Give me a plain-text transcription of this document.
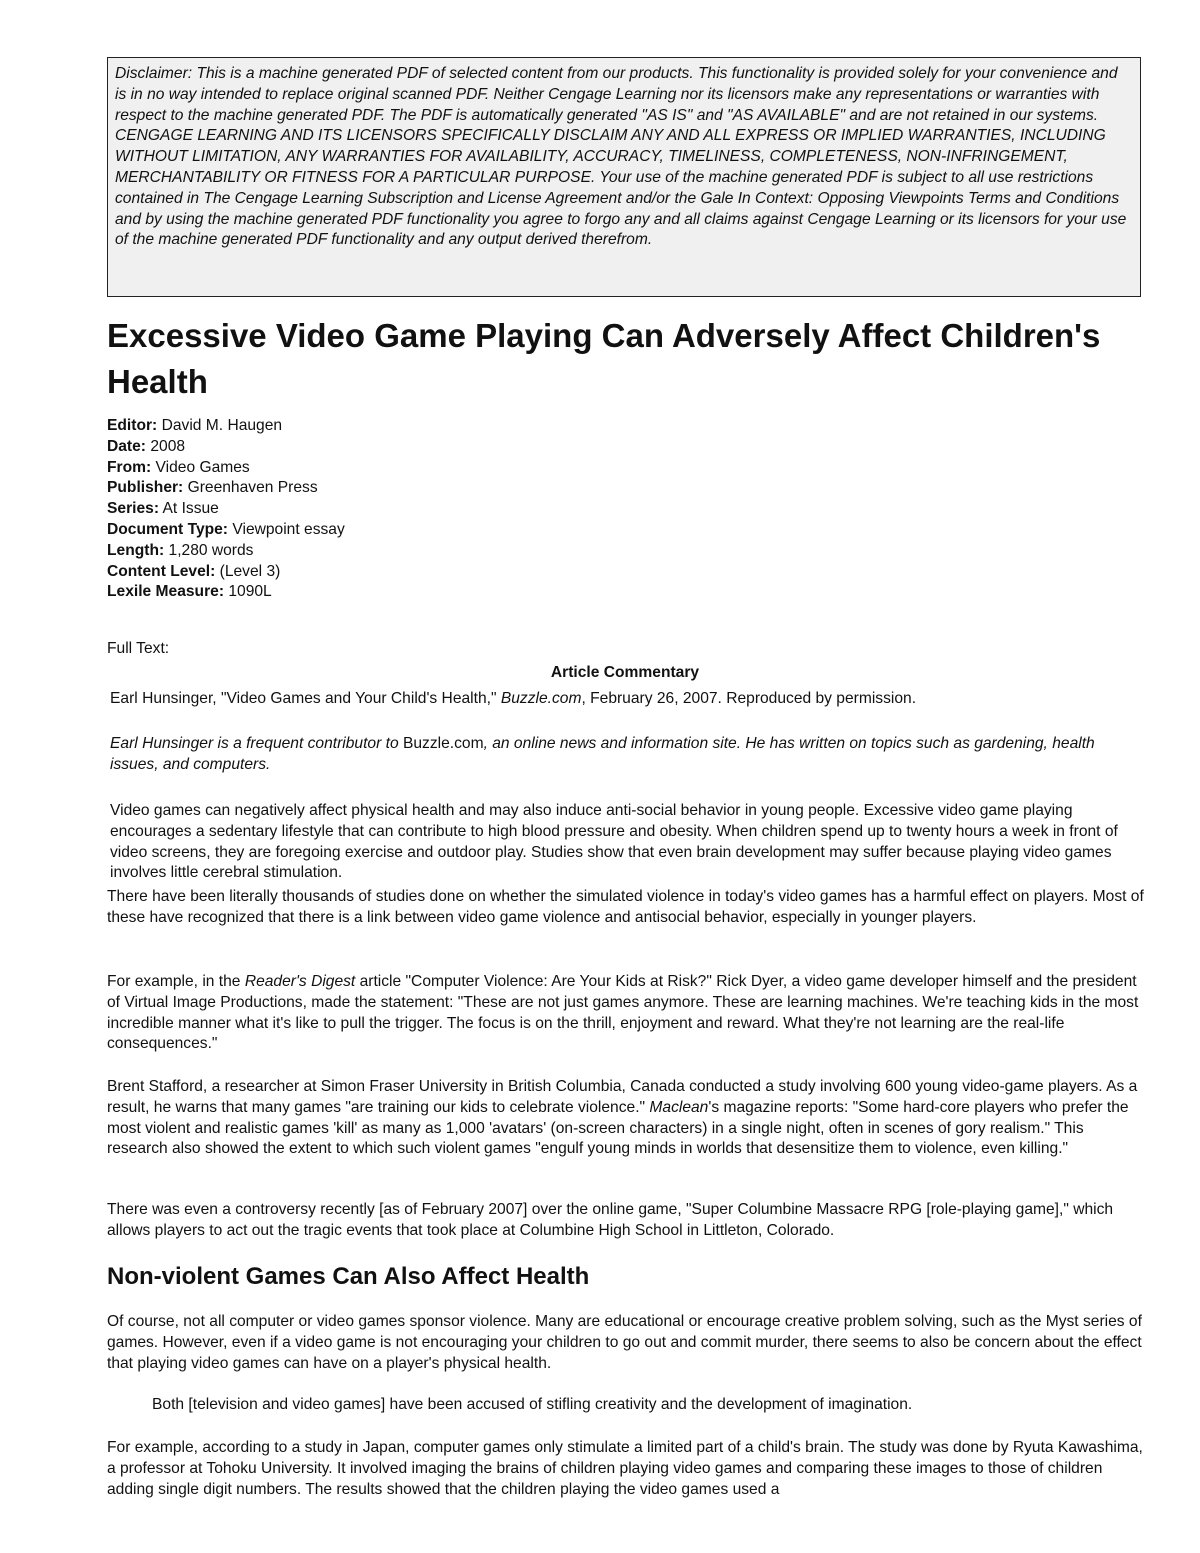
Disclaimer: This is a machine generated PDF of selected content from our products. This functionality is provided solely for your convenience and is in no way intended to replace original scanned PDF. Neither Cengage Learning nor its licensors make any representations or warranties with respect to the machine generated PDF. The PDF is automatically generated "AS IS" and "AS AVAILABLE" and are not retained in our systems. CENGAGE LEARNING AND ITS LICENSORS SPECIFICALLY DISCLAIM ANY AND ALL EXPRESS OR IMPLIED WARRANTIES, INCLUDING WITHOUT LIMITATION, ANY WARRANTIES FOR AVAILABILITY, ACCURACY, TIMELINESS, COMPLETENESS, NON-INFRINGEMENT, MERCHANTABILITY OR FITNESS FOR A PARTICULAR PURPOSE. Your use of the machine generated PDF is subject to all use restrictions contained in The Cengage Learning Subscription and License Agreement and/or the Gale In Context: Opposing Viewpoints Terms and Conditions and by using the machine generated PDF functionality you agree to forgo any and all claims against Cengage Learning or its licensors for your use of the machine generated PDF functionality and any output derived therefrom.
Excessive Video Game Playing Can Adversely Affect Children's Health
Editor: David M. Haugen
Date: 2008
From: Video Games
Publisher: Greenhaven Press
Series: At Issue
Document Type: Viewpoint essay
Length: 1,280 words
Content Level: (Level 3)
Lexile Measure: 1090L
Full Text:
Article Commentary
Earl Hunsinger, "Video Games and Your Child's Health," Buzzle.com, February 26, 2007. Reproduced by permission.
Earl Hunsinger is a frequent contributor to Buzzle.com, an online news and information site. He has written on topics such as gardening, health issues, and computers.
Video games can negatively affect physical health and may also induce anti-social behavior in young people. Excessive video game playing encourages a sedentary lifestyle that can contribute to high blood pressure and obesity. When children spend up to twenty hours a week in front of video screens, they are foregoing exercise and outdoor play. Studies show that even brain development may suffer because playing video games involves little cerebral stimulation.
There have been literally thousands of studies done on whether the simulated violence in today's video games has a harmful effect on players. Most of these have recognized that there is a link between video game violence and antisocial behavior, especially in younger players.
For example, in the Reader's Digest article "Computer Violence: Are Your Kids at Risk?" Rick Dyer, a video game developer himself and the president of Virtual Image Productions, made the statement: "These are not just games anymore. These are learning machines. We're teaching kids in the most incredible manner what it's like to pull the trigger. The focus is on the thrill, enjoyment and reward. What they're not learning are the real-life consequences."
Brent Stafford, a researcher at Simon Fraser University in British Columbia, Canada conducted a study involving 600 young video-game players. As a result, he warns that many games "are training our kids to celebrate violence." Maclean's magazine reports: "Some hard-core players who prefer the most violent and realistic games 'kill' as many as 1,000 'avatars' (on-screen characters) in a single night, often in scenes of gory realism." This research also showed the extent to which such violent games "engulf young minds in worlds that desensitize them to violence, even killing."
There was even a controversy recently [as of February 2007] over the online game, "Super Columbine Massacre RPG [role-playing game]," which allows players to act out the tragic events that took place at Columbine High School in Littleton, Colorado.
Non-violent Games Can Also Affect Health
Of course, not all computer or video games sponsor violence. Many are educational or encourage creative problem solving, such as the Myst series of games. However, even if a video game is not encouraging your children to go out and commit murder, there seems to also be concern about the effect that playing video games can have on a player's physical health.
Both [television and video games] have been accused of stifling creativity and the development of imagination.
For example, according to a study in Japan, computer games only stimulate a limited part of a child's brain. The study was done by Ryuta Kawashima, a professor at Tohoku University. It involved imaging the brains of children playing video games and comparing these images to those of children adding single digit numbers. The results showed that the children playing the video games used a
